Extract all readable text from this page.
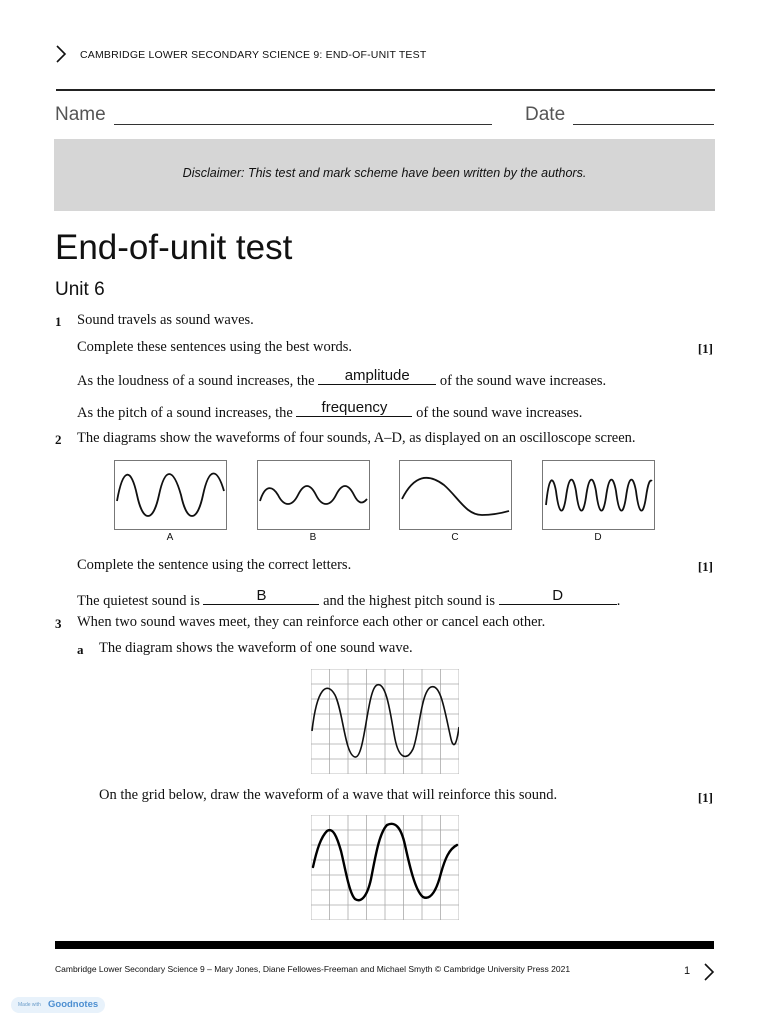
CAMBRIDGE LOWER SECONDARY SCIENCE 9: END-OF-UNIT TEST
Name	Date
Disclaimer: This test and mark scheme have been written by the authors.
End-of-unit test
Unit 6
1 Sound travels as sound waves.
Complete these sentences using the best words.	[1]
As the loudness of a sound increases, the	amplitude	of the sound wave increases.
As the pitch of a sound increases, the	frequency	of the sound wave increases.
2 The diagrams show the waveforms of four sounds, A–D, as displayed on an oscilloscope screen.
A	B	C	D
Complete the sentence using the correct letters.	[1]
The quietest sound is	B	and the highest pitch sound is	D	.
3 When two sound waves meet, they can reinforce each other or cancel each other.
a The diagram shows the waveform of one sound wave.
On the grid below, draw the waveform of a wave that will reinforce this sound.	[1]
Cambridge Lower Secondary Science 9 – Mary Jones, Diane Fellowes-Freeman and Michael Smyth © Cambridge University Press 2021	1
Made with Goodnotes
